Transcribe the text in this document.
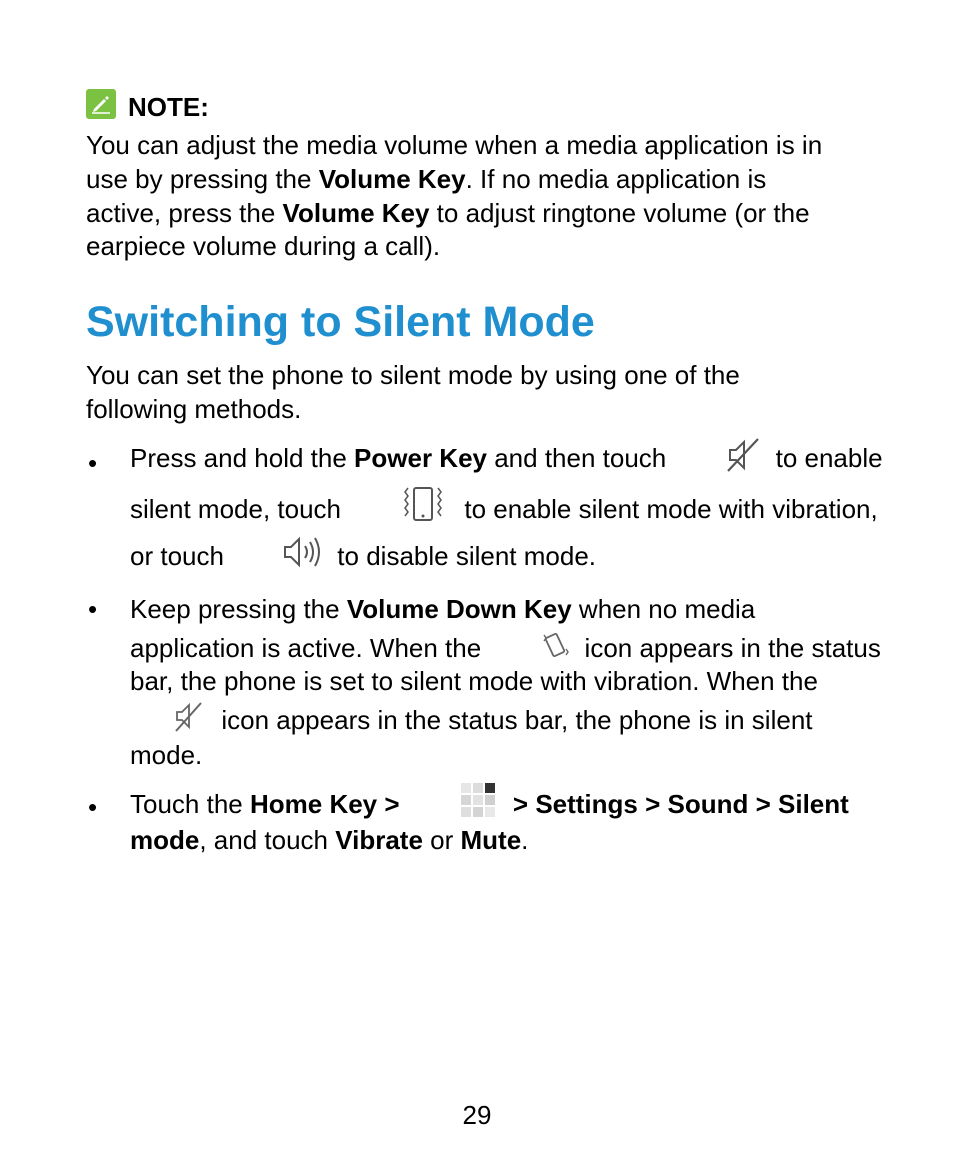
NOTE:

You can adjust the media volume when a media application is in

use by pressing the Volume Key. If no media application is

active, press the Volume Key to adjust ringtone volume (or the

earpiece volume during a call).

Switching to Silent Mode

You can set the phone to silent mode by using one of the

following methods.

• Press and hold the Power Key and then touch

	to enable
silent mode, touch

	to enable silent mode with vibration,
or touch

	to disable silent mode.
• Keep pressing the Volume Down Key when no media
application is active. When the

	icon appears in the status
bar, the phone is set to silent mode with vibration. When the

icon appears in the status bar, the phone is in silent
mode.
• Touch the Home Key >

	> Settings > Sound > Silent
mode , and touch Vibrate or Mute .
29
